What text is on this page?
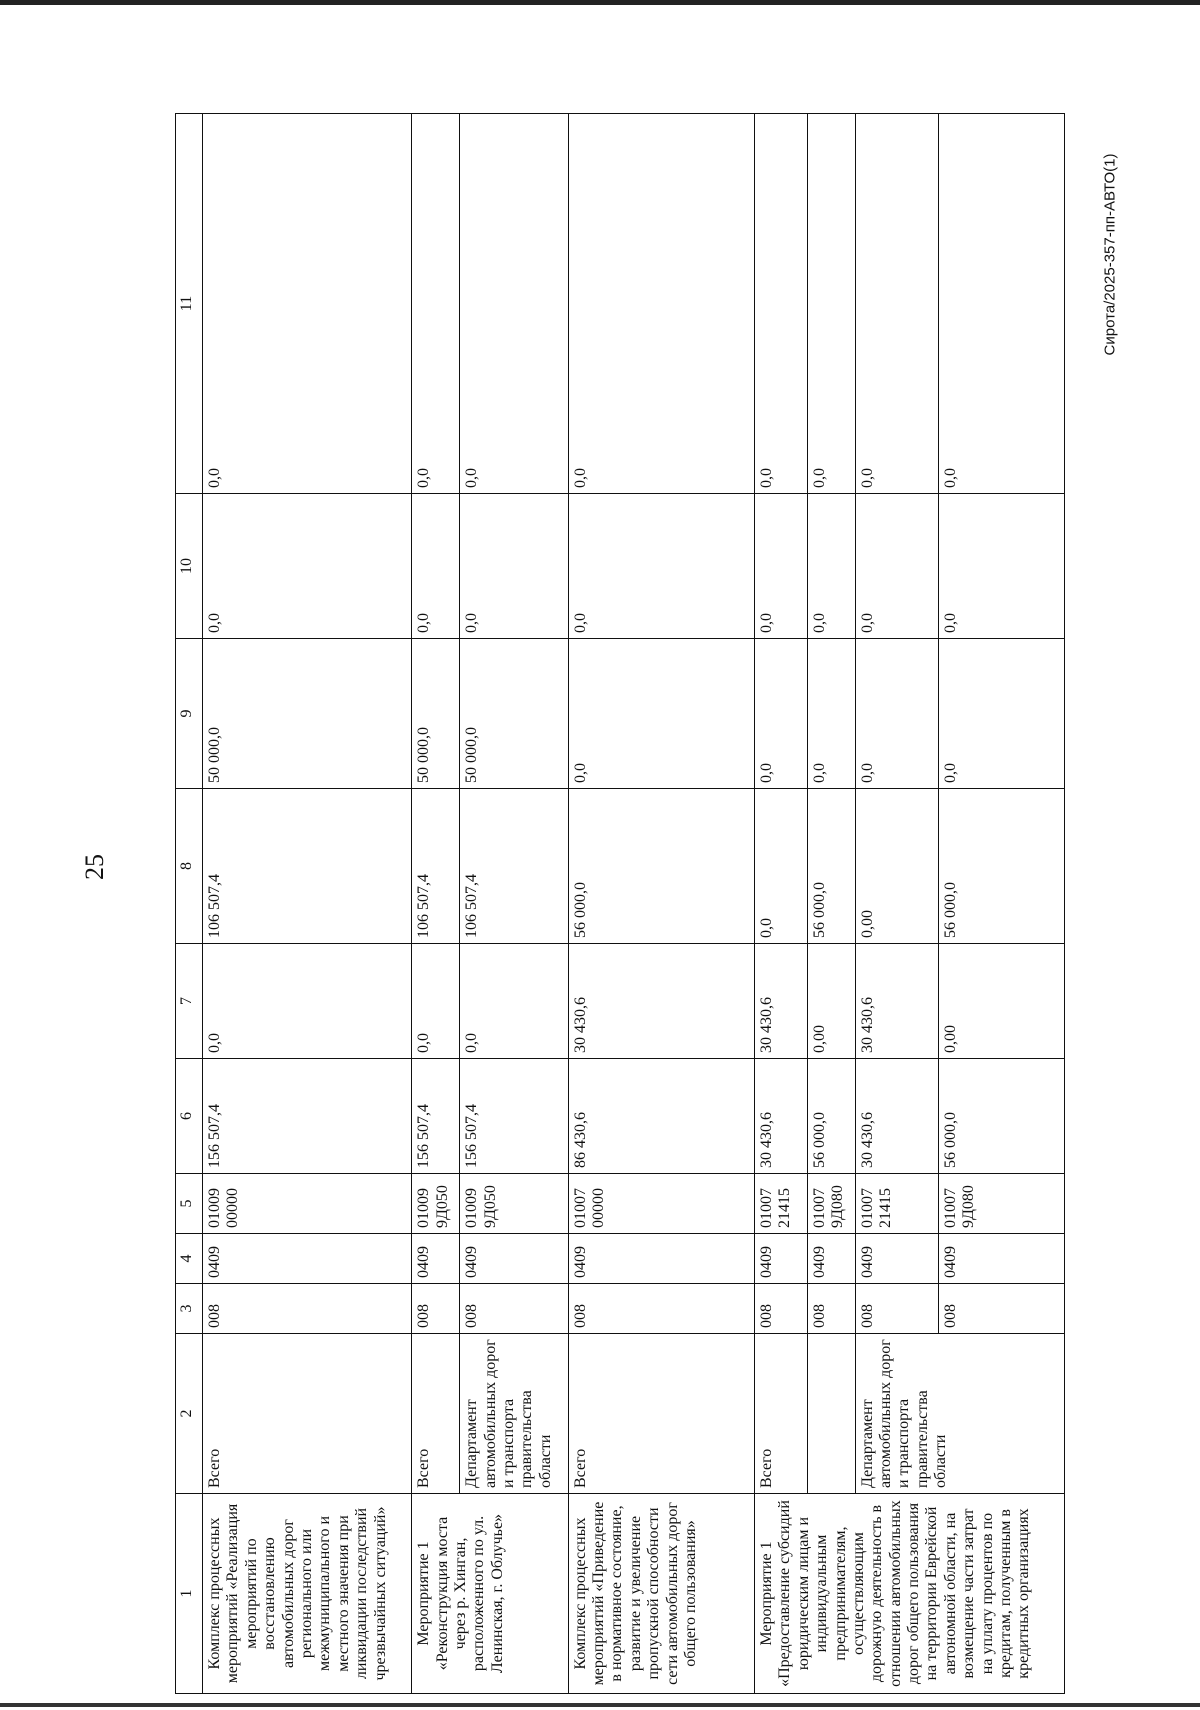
25
Сирота/2025-357-пп-АВТО(1)
1	2	3	4	5	6	7	8	9	10	11
Комплекс процессных мероприятий «Реализация мероприятий по восстановлению автомобильных дорог регионального или межмуниципального и местного значения при ликвидации последствий чрезвычайных ситуаций»	Всего	008	0409	01009 00000	156 507,4	0,0	106 507,4	50 000,0	0,0	0,0
Мероприятие 1 «Реконструкция моста через р. Хинган, расположенного по ул. Ленинская, г. Облучье»	Всего	008	0409	01009 9Д050	156 507,4	0,0	106 507,4	50 000,0	0,0	0,0
	Департамент автомобильных дорог и транспорта правительства области	008	0409	01009 9Д050	156 507,4	0,0	106 507,4	50 000,0	0,0	0,0
Комплекс процессных мероприятий «Приведение в нормативное состояние, развитие и увеличение пропускной способности сети автомобильных дорог общего пользования»	Всего	008	0409	01007 00000	86 430,6	30 430,6	56 000,0	0,0	0,0	0,0
Мероприятие 1 «Предоставление субсидий юридическим лицам и индивидуальным предпринимателям, осуществляющим дорожную деятельность в отношении автомобильных дорог общего пользования на территории Еврейской автономной области, на возмещение части затрат на уплату процентов по кредитам, полученным в кредитных организациях	Всего	008	0409	01007 21415	30 430,6	30 430,6	0,0	0,0	0,0	0,0
		008	0409	01007 9Д080	56 000,0	0,00	56 000,0	0,0	0,0	0,0
	Департамент автомобильных дорог и транспорта правительства области	008	0409	01007 21415	30 430,6	30 430,6	0,00	0,0	0,0	0,0
		008	0409	01007 9Д080	56 000,0	0,00	56 000,0	0,0	0,0	0,0
